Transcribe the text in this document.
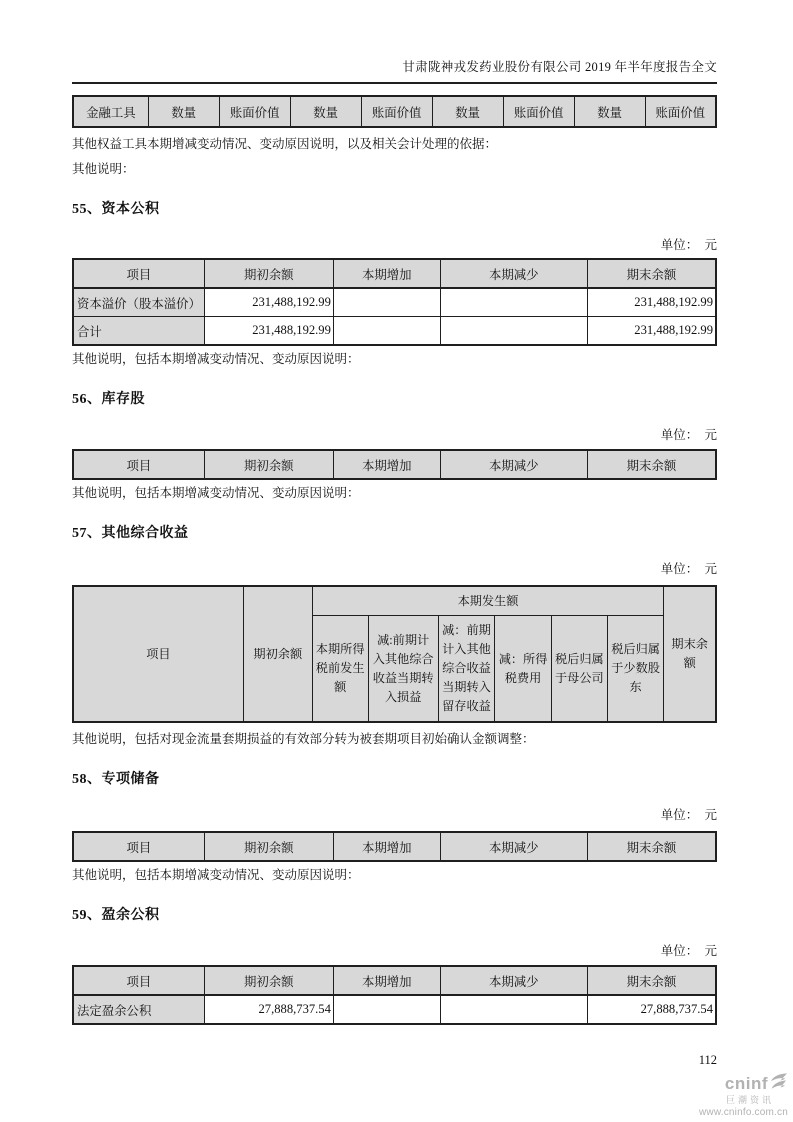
甘肃陇神戎发药业股份有限公司 2019 年半年度报告全文
金融工具	数量	账面价值	数量	账面价值	数量	账面价值	数量	账面价值

其他权益工具本期增减变动情况、变动原因说明，以及相关会计处理的依据：

其他说明：

55、资本公积
单位：　元
项目	期初余额	本期增加	本期减少	期末余额
资本溢价（股本溢价）	231,488,192.99			231,488,192.99
合计	231,488,192.99			231,488,192.99

其他说明，包括本期增减变动情况、变动原因说明：

56、库存股
单位：　元
项目	期初余额	本期增加	本期减少	期末余额

其他说明，包括本期增减变动情况、变动原因说明：

57、其他综合收益
单位：　元
项目	期初余额	本期发生额						期末余额
		本期所得税前发生额	减:前期计入其他综合收益当期转入损益	减：前期计入其他综合收益当期转入留存收益	减：所得税费用	税后归属于母公司	税后归属于少数股东	

其他说明，包括对现金流量套期损益的有效部分转为被套期项目初始确认金额调整：

58、专项储备
单位：　元
项目	期初余额	本期增加	本期减少	期末余额

其他说明，包括本期增减变动情况、变动原因说明：

59、盈余公积
单位：　元
项目	期初余额	本期增加	本期减少	期末余额
法定盈余公积	27,888,737.54			27,888,737.54
112
cninf
巨潮资讯
www.cninfo.com.cn
